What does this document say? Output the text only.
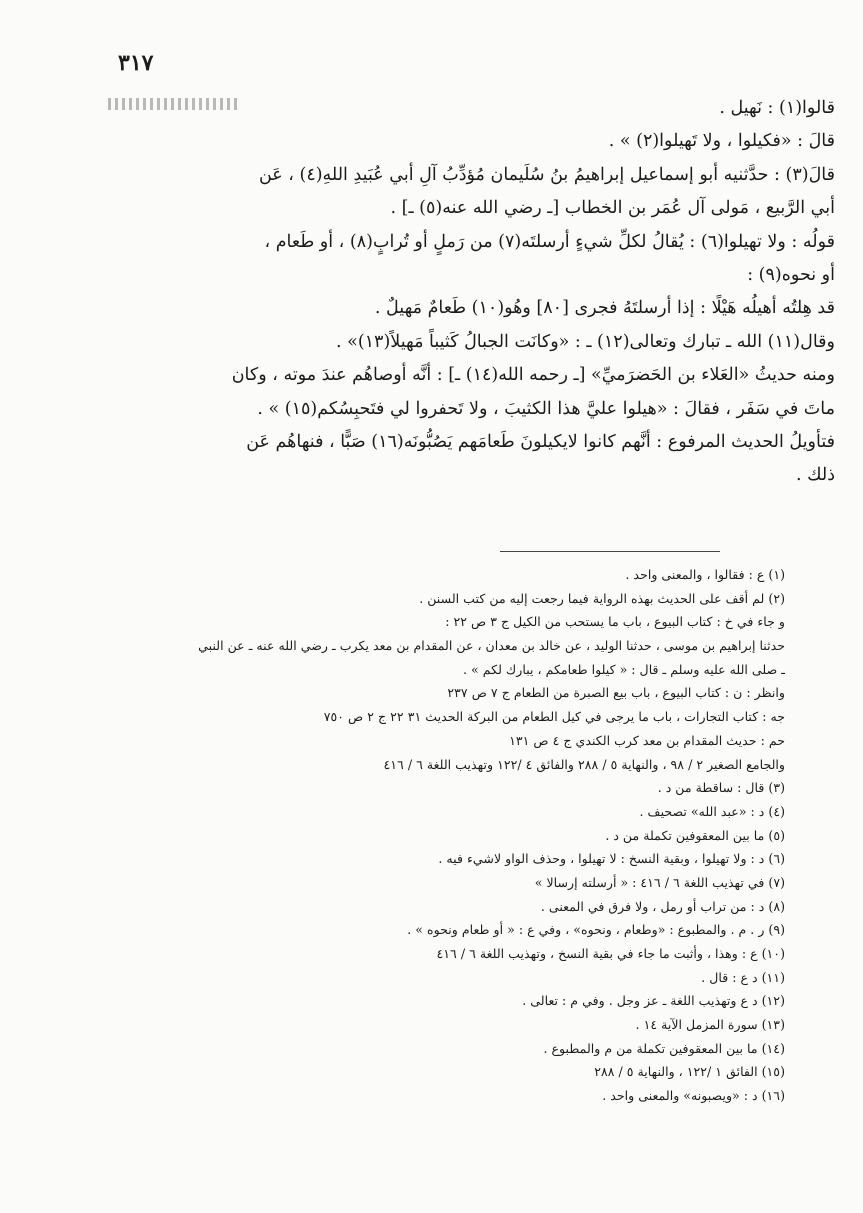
٣١٧

قالوا(١) : نَهيل .

قالَ : «فكيلوا ، ولا تَهيلوا(٢) » .

قالَ(٣) : حدَّثنيه أبو إسماعيل إبراهيمُ بنُ سُلَيمان مُؤدِّبُ آلِ أبي عُبَيدِ اللهِ(٤) ، عَن

أبي الرَّبيع ، مَولى آل عُمَر بن الخطاب [ـ رضي الله عنه(٥) ـ] .

قولُه : ولا تهيلوا(٦) : يُقالُ لكلِّ شيءٍ أرسلتَه(٧) من رَملٍ أو تُرابٍ(٨) ، أو طَعام ،

أو نحوه(٩) :

قد هِلتُه أهيلُه هَيْلًا : إذا أرسلتَهُ فجرى [٨٠] وهُو(١٠) طَعامٌ مَهيلٌ .

وقال(١١) الله ـ تبارك وتعالى(١٢) ـ : «وكانَت الجبالُ كَثيباً مَهيلاً(١٣)» .

ومنه حديثُ «العَلاء بن الحَضرَميِّ» [ـ رحمه الله(١٤) ـ] : أنَّه أوصاهُم عندَ موته ، وكان

ماتَ في سَفَر ، فقالَ : «هيلوا عليَّ هذا الكثيبَ ، ولا تَحفروا لي فتَحبِسُكم(١٥) » .

فتأويلُ الحديث المرفوع : أنَّهم كانوا لايكيلونَ طَعامَهم يَصُبُّونَه(١٦) صَبًّا ، فنهاهُم عَن

ذلك .

(١) ع : فقالوا ، والمعنى واحد .

(٢) لم أقف على الحديث بهذه الرواية فيما رجعت إليه من كتب السنن .

و جاء في خ : كتاب البيوع ، باب ما يستحب من الكيل ج ٣ ص ٢٢ :

حدثنا إبراهيم بن موسى ، حدثنا الوليد ، عن خالد بن معدان ، عن المقدام بن معد يكرب ـ رضي الله عنه ـ عن النبي

ـ صلى الله عليه وسلم ـ قال : « كيلوا طعامكم ، يبارك لكم » .

وانظر : ن : كتاب البيوع ، باب بيع الصبرة من الطعام ج ٧ ص ٢٣٧

جه : كتاب التجارات ، باب ما يرجى في كيل الطعام من البركة الحديث ٣١ ٢٢ ج ٢ ص ٧٥٠

حم : حديث المقدام بن معد كرب الكندي ج ٤ ص ١٣١

والجامع الصغير ٢ / ٩٨ ، والنهاية ٥ / ٢٨٨ والفائق ٤ /١٢٢ وتهذيب اللغة ٦ / ٤١٦

(٣) قال : ساقطة من د .

(٤) د : «عبد الله» تصحيف .

(٥) ما بين المعقوفين تكملة من د .

(٦) د : ولا تهيلوا ، وبقية النسخ : لا تهيلوا ، وحذف الواو لاشيء فيه .

(٧) في تهذيب اللغة ٦ / ٤١٦ : « أرسلته إرسالا »

(٨) د : من تراب أو رمل ، ولا فرق في المعنى .

(٩) ر . م . والمطبوع : «وطعام ، ونحوه» ، وفي ع : « أو طعام ونحوه » .

(١٠) ع : وهذا ، وأثبت ما جاء في بقية النسخ ، وتهذيب اللغة ٦ / ٤١٦

(١١) د ع : قال .

(١٢) د ع وتهذيب اللغة ـ عز وجل . وفي م : تعالى .

(١٣) سورة المزمل الآية ١٤ .

(١٤) ما بين المعقوفين تكملة من م والمطبوع .

(١٥) الفائق ١ /١٢٢ ، والنهاية ٥ / ٢٨٨

(١٦) د : «ويصبونه» والمعنى واحد .
